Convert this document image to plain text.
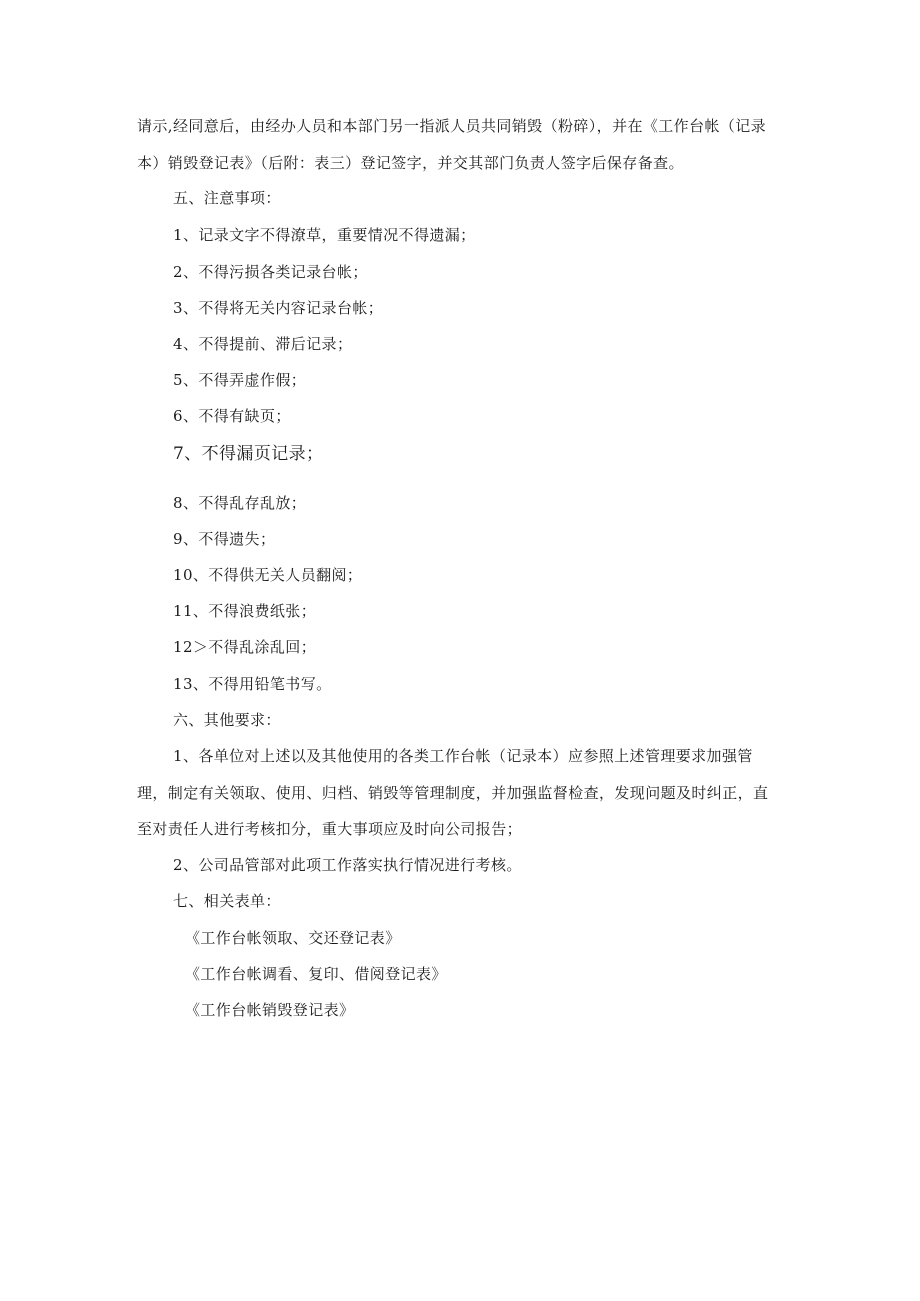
请示,经同意后，由经办人员和本部门另一指派人员共同销毁（粉碎），并在《工作台帐（记录
本）销毁登记表》（后附：表三）登记签字，并交其部门负责人签字后保存备查。
五、注意事项：
1、记录文字不得潦草，重要情况不得遗漏；
2、不得污损各类记录台帐；
3、不得将无关内容记录台帐；
4、不得提前、滞后记录；
5、不得弄虚作假；
6、不得有缺页；
7、不得漏页记录；
8、不得乱存乱放；
9、不得遗失；
10、不得供无关人员翻阅；
11、不得浪费纸张；
12＞不得乱涂乱回；
13、不得用铅笔书写。
六、其他要求：
1、各单位对上述以及其他使用的各类工作台帐（记录本）应参照上述管理要求加强管
理，制定有关领取、使用、归档、销毁等管理制度，并加强监督检查，发现问题及时纠正，直
至对责任人进行考核扣分，重大事项应及时向公司报告；
2、公司品管部对此项工作落实执行情况进行考核。
七、相关表单：
《工作台帐领取、交还登记表》
《工作台帐调看、复印、借阅登记表》
《工作台帐销毁登记表》
